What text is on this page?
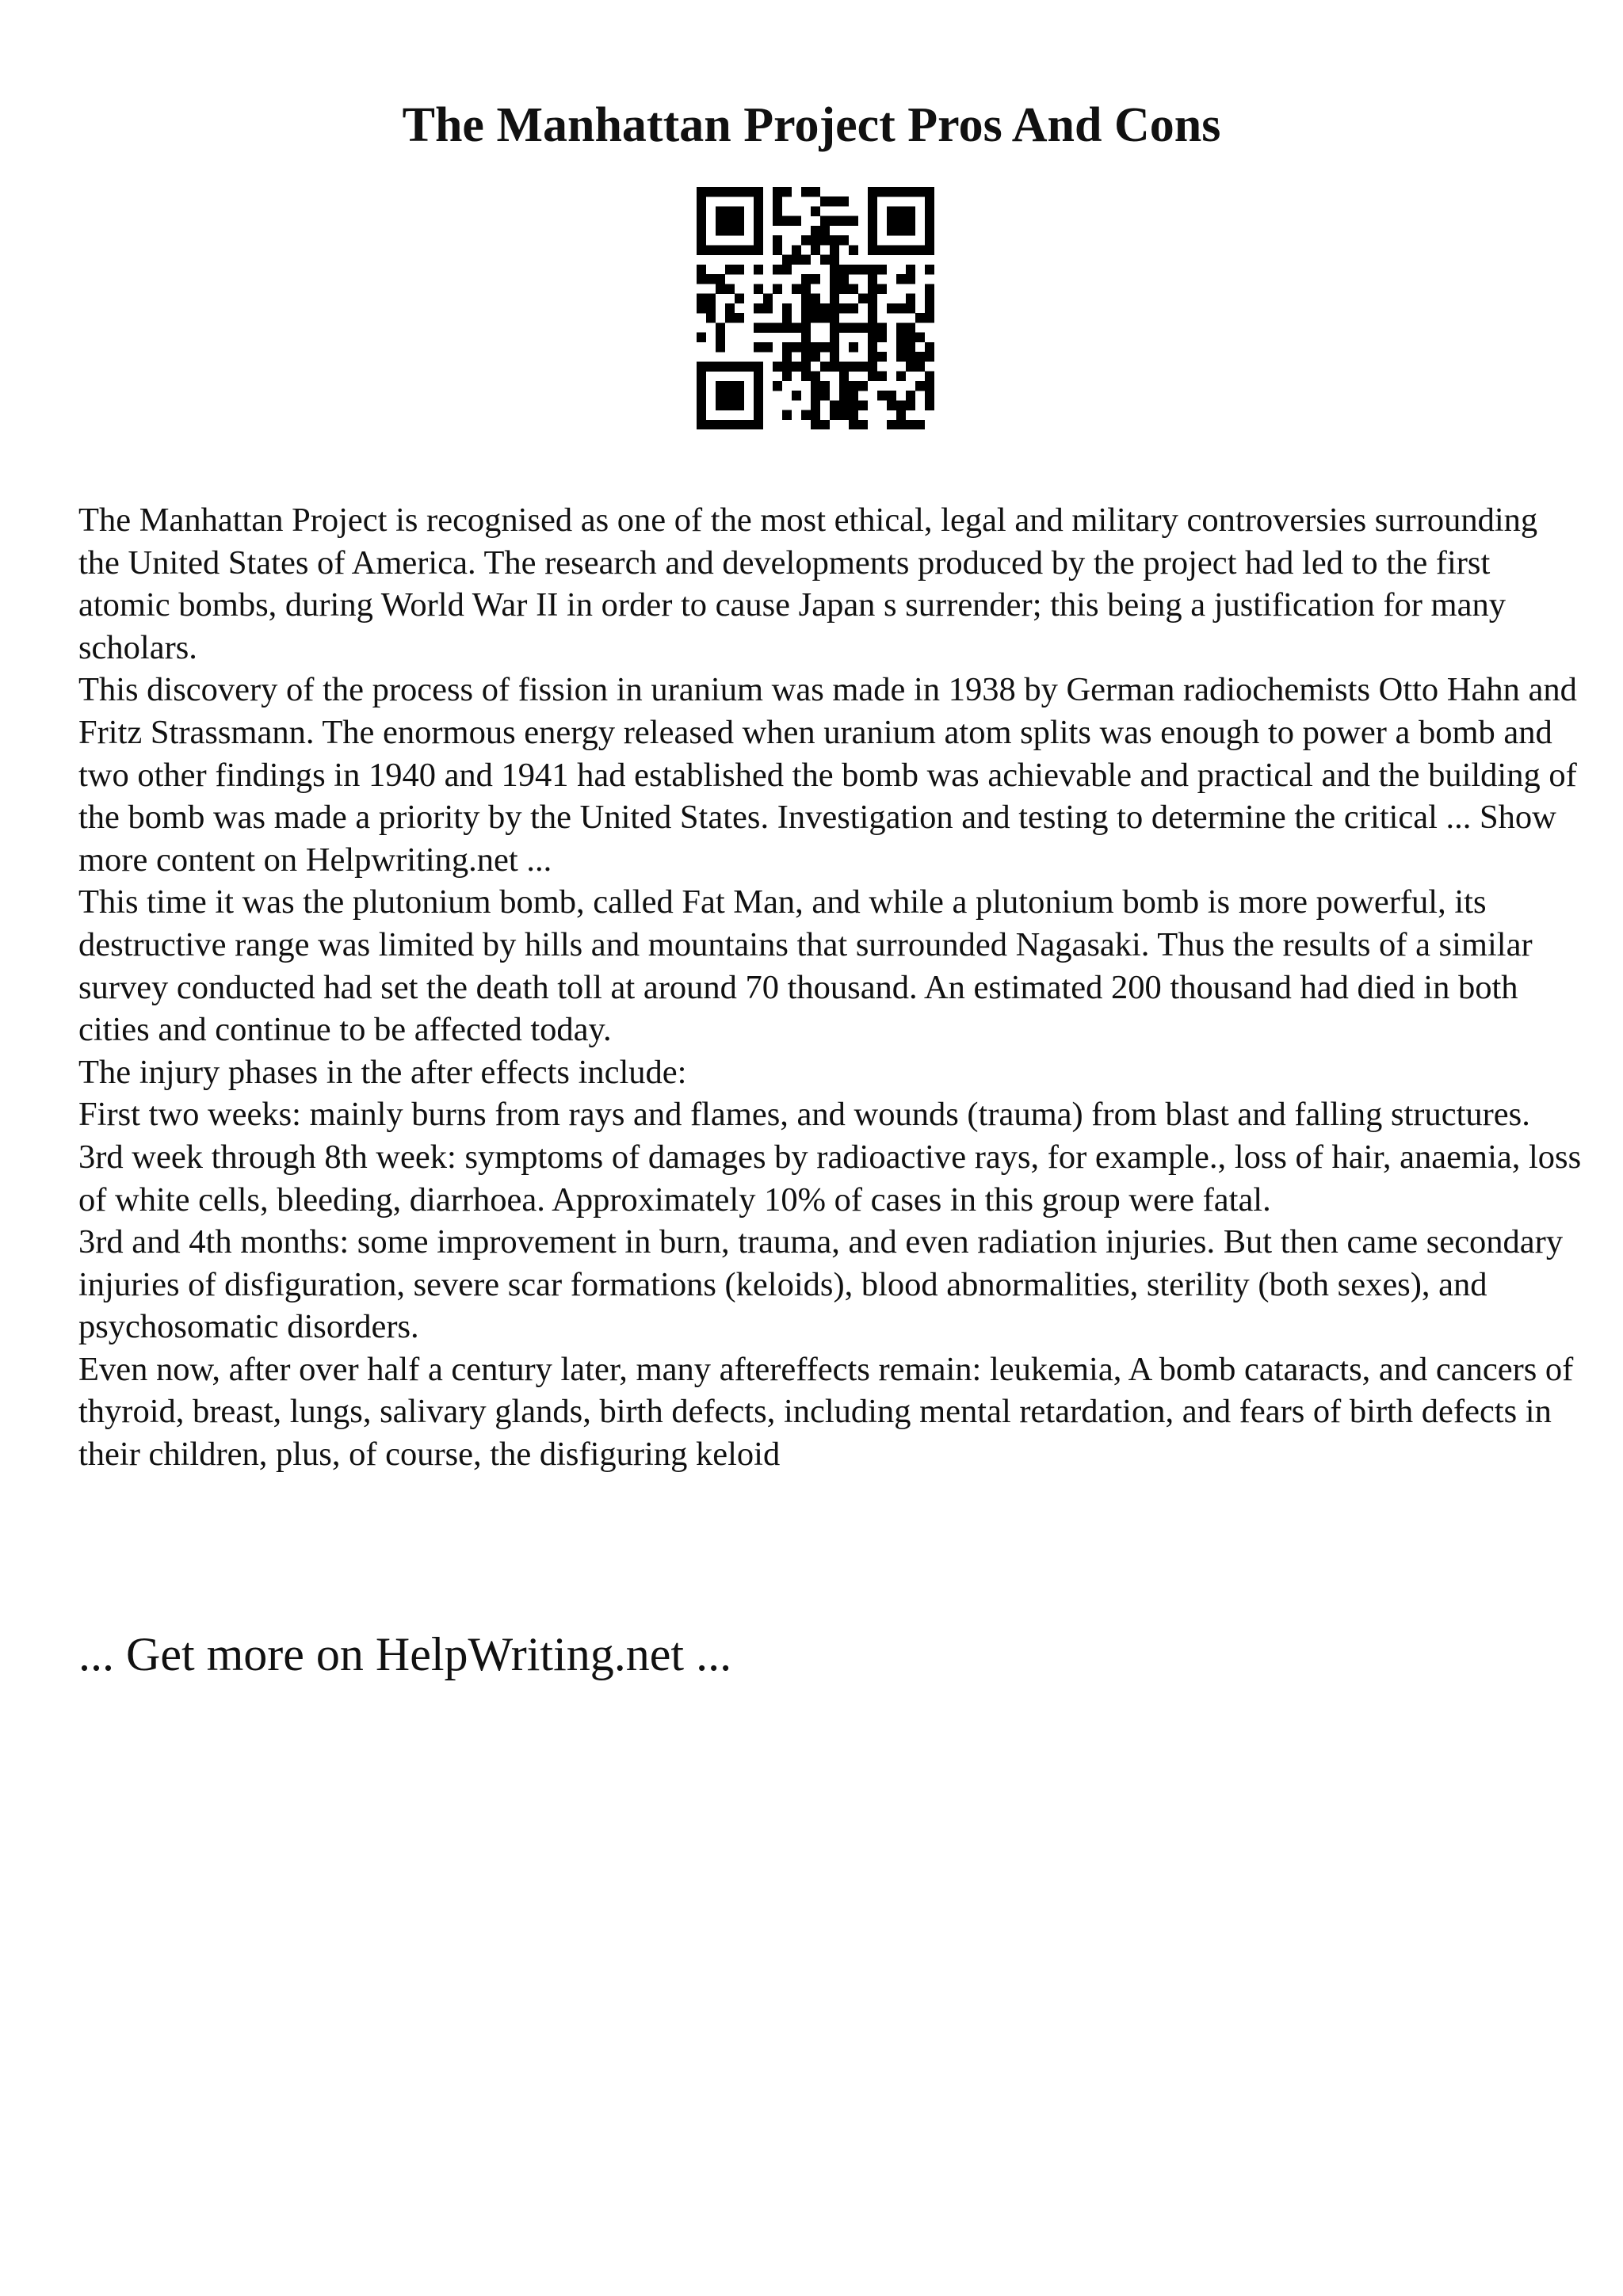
The Manhattan Project Pros And Cons

The Manhattan Project is recognised as one of the most ethical, legal and military controversies surrounding the United States of America. The research and developments produced by the project had led to the first atomic bombs, during World War II in order to cause Japan s surrender; this being a justification for many scholars.

This discovery of the process of fission in uranium was made in 1938 by German radiochemists Otto Hahn and Fritz Strassmann. The enormous energy released when uranium atom splits was enough to power a bomb and two other findings in 1940 and 1941 had established the bomb was achievable and practical and the building of the bomb was made a priority by the United States. Investigation and testing to determine the critical ... Show more content on Helpwriting.net ...

This time it was the plutonium bomb, called Fat Man, and while a plutonium bomb is more powerful, its destructive range was limited by hills and mountains that surrounded Nagasaki. Thus the results of a similar survey conducted had set the death toll at around 70 thousand. An estimated 200 thousand had died in both cities and continue to be affected today.

The injury phases in the after effects include:

First two weeks: mainly burns from rays and flames, and wounds (trauma) from blast and falling structures.

3rd week through 8th week: symptoms of damages by radioactive rays, for example., loss of hair, anaemia, loss of white cells, bleeding, diarrhoea. Approximately 10% of cases in this group were fatal.

3rd and 4th months: some improvement in burn, trauma, and even radiation injuries. But then came secondary injuries of disfiguration, severe scar formations (keloids), blood abnormalities, sterility (both sexes), and psychosomatic disorders.

Even now, after over half a century later, many aftereffects remain: leukemia, A bomb cataracts, and cancers of thyroid, breast, lungs, salivary glands, birth defects, including mental retardation, and fears of birth defects in their children, plus, of course, the disfiguring keloid

... Get more on HelpWriting.net ...
